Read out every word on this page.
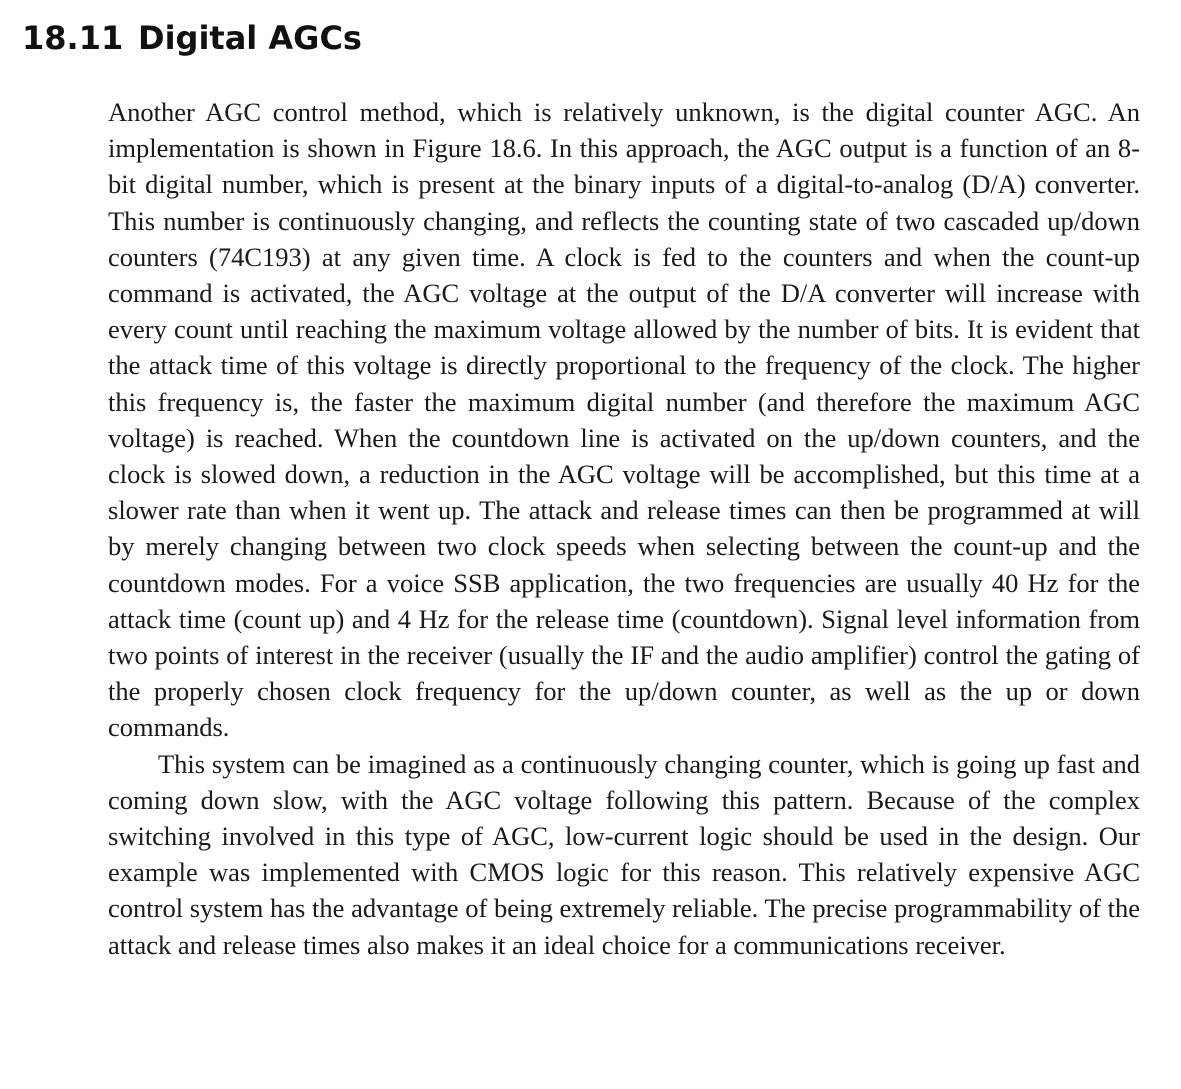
18.11 Digital AGCs

Another AGC control method, which is relatively unknown, is the digital counter AGC. An implementation is shown in Figure 18.6. In this approach, the AGC output is a function of an 8-bit digital number, which is present at the binary inputs of a digital-to-analog (D/A) converter. This number is continuously changing, and reflects the counting state of two cascaded up/down counters (74C193) at any given time. A clock is fed to the counters and when the count-up command is activated, the AGC voltage at the output of the D/A converter will increase with every count until reaching the maximum voltage allowed by the number of bits. It is evident that the attack time of this voltage is directly proportional to the frequency of the clock. The higher this frequency is, the faster the maximum digital number (and therefore the maximum AGC voltage) is reached. When the countdown line is activated on the up/down counters, and the clock is slowed down, a reduction in the AGC voltage will be accomplished, but this time at a slower rate than when it went up. The attack and release times can then be programmed at will by merely changing between two clock speeds when selecting between the count-up and the countdown modes. For a voice SSB application, the two frequencies are usually 40 Hz for the attack time (count up) and 4 Hz for the release time (countdown). Signal level information from two points of interest in the receiver (usually the IF and the audio amplifier) control the gating of the properly chosen clock frequency for the up/down counter, as well as the up or down commands.

This system can be imagined as a continuously changing counter, which is going up fast and coming down slow, with the AGC voltage following this pattern. Because of the complex switching involved in this type of AGC, low-current logic should be used in the design. Our example was implemented with CMOS logic for this reason. This relatively expensive AGC control system has the advantage of being extremely reliable. The precise programmability of the attack and release times also makes it an ideal choice for a communications receiver.
